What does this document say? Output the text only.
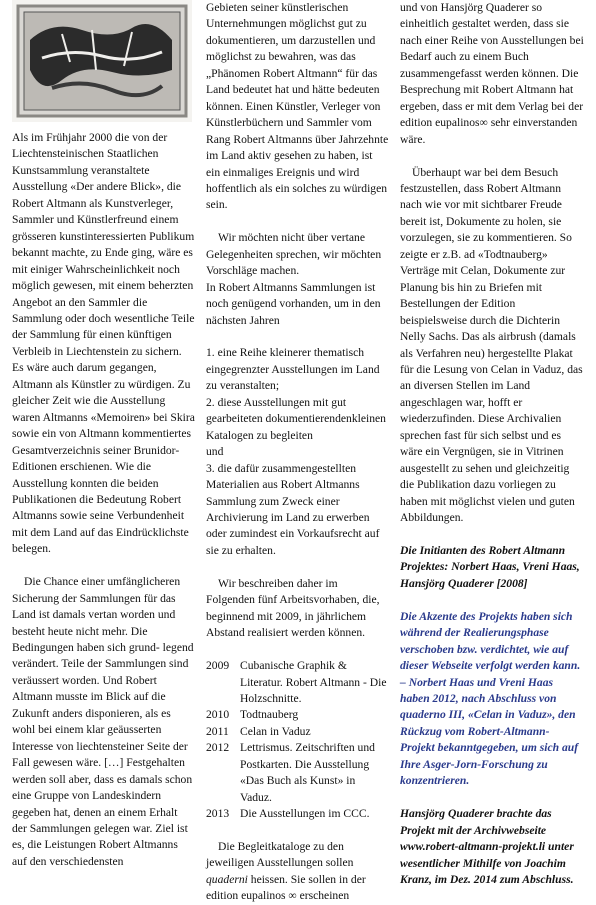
Als im Frühjahr 2000 die von der Liechtensteinischen Staatlichen Kunstsammlung veranstaltete Ausstellung «Der andere Blick», die Robert Altmann als Kunstverleger, Sammler und Künstlerfreund einem grösseren kunstinteressierten Publikum bekannt machte, zu Ende ging, wäre es mit einiger Wahrscheinlichkeit noch möglich gewesen, mit einem beherzten Angebot an den Sammler die Sammlung oder doch wesentliche Teile der Sammlung für einen künftigen Verbleib in Liechtenstein zu sichern. Es wäre auch darum gegangen, Altmann als Künstler zu würdigen. Zu gleicher Zeit wie die Ausstellung waren Altmanns «Memoiren» bei Skira sowie ein von Altmann kommentiertes Gesamtverzeichnis seiner Brunidor-Editionen erschienen. Wie die Ausstellung konnten die beiden Publikationen die Bedeutung Robert Altmanns sowie seine Verbundenheit mit dem Land auf das Eindrücklichste belegen.

Die Chance einer umfänglicheren Sicherung der Sammlungen für das Land ist damals vertan worden und besteht heute nicht mehr. Die Bedingungen haben sich grund- legend verändert. Teile der Sammlungen sind veräussert worden. Und Robert Altmann musste im Blick auf die Zukunft anders disponieren, als es wohl bei einem klar geäusserten Interesse von liechtensteiner Seite der Fall gewesen wäre. […] Festgehalten werden soll aber, dass es damals schon eine Gruppe von Landeskindern gegeben hat, denen an einem Erhalt der Sammlungen gelegen war. Ziel ist es, die Leistungen Robert Altmanns auf den verschiedensten

Gebieten seiner künstlerischen Unternehmungen möglichst gut zu dokumentieren, um darzustellen und möglichst zu bewahren, was das „Phänomen Robert Altmann“ für das Land bedeutet hat und hätte bedeuten können. Einen Künstler, Verleger von Künstlerbüchern und Sammler vom Rang Robert Altmanns über Jahrzehnte im Land aktiv gesehen zu haben, ist ein einmaliges Ereignis und wird hoffentlich als ein solches zu würdigen sein.

Wir möchten nicht über vertane Gelegenheiten sprechen, wir möchten Vorschläge machen.

In Robert Altmanns Sammlungen ist noch genügend vorhanden, um in den nächsten Jahren

1. eine Reihe kleinerer thematisch eingegrenzter Ausstellungen im Land zu veranstalten;

2. diese Ausstellungen mit gut gearbeiteten dokumentierendenkleinen Katalogen zu begleiten

und

3. die dafür zusammengestellten Materialien aus Robert Altmanns Sammlung zum Zweck einer Archivierung im Land zu erwerben oder zumindest ein Vorkaufsrecht auf sie zu erhalten.

Wir beschreiben daher im Folgenden fünf Arbeitsvorhaben, die, beginnend mit 2009, in jährlichem Abstand realisiert werden können.

2009	Cubanische Graphik & Literatur. Robert Altmann - Die Holzschnitte.
2010	Todtnauberg
2011	Celan in Vaduz
2012	Lettrismus. Zeitschriften und Postkarten. Die Ausstellung «Das Buch als Kunst» in Vaduz.
2013	Die Ausstellungen im CCC.

Die Begleitkataloge zu den jeweiligen Ausstellungen sollen quaderni heissen. Sie sollen in der edition eupalinos ∞ erscheinen

und von Hansjörg Quaderer so einheitlich gestaltet werden, dass sie nach einer Reihe von Ausstellungen bei Bedarf auch zu einem Buch zusammengefasst werden können. Die Besprechung mit Robert Altmann hat ergeben, dass er mit dem Verlag bei der edition eupalinos∞ sehr einverstanden wäre.

Überhaupt war bei dem Besuch festzustellen, dass Robert Altmann nach wie vor mit sichtbarer Freude bereit ist, Dokumente zu holen, sie vorzulegen, sie zu kommentieren. So zeigte er z.B. ad «Todtnauberg» Verträge mit Celan, Dokumente zur Planung bis hin zu Briefen mit Bestellungen der Edition beispielsweise durch die Dichterin Nelly Sachs. Das als airbrush (damals als Verfahren neu) hergestellte Plakat für die Lesung von Celan in Vaduz, das an diversen Stellen im Land angeschlagen war, hofft er wiederzufinden. Diese Archivalien sprechen fast für sich selbst und es wäre ein Vergnügen, sie in Vitrinen ausgestellt zu sehen und gleichzeitig die Publikation dazu vorliegen zu haben mit möglichst vielen und guten Abbildungen.

Die Initianten des Robert Altmann Projektes: Norbert Haas, Vreni Haas, Hansjörg Quaderer [2008]

Die Akzente des Projekts haben sich während der Realierungsphase verschoben bzw. verdichtet, wie auf dieser Webseite verfolgt werden kann. – Norbert Haas und Vreni Haas haben 2012, nach Abschluss von quaderno III, «Celan in Vaduz», den Rückzug vom Robert-Altmann-Projekt bekanntgegeben, um sich auf Ihre Asger-Jorn-Forschung zu konzentrieren.

Hansjörg Quaderer brachte das Projekt mit der Archivwebseite www.robert-altmann-projekt.li unter wesentlicher Mithilfe von Joachim Kranz, im Dez. 2014 zum Abschluss.
